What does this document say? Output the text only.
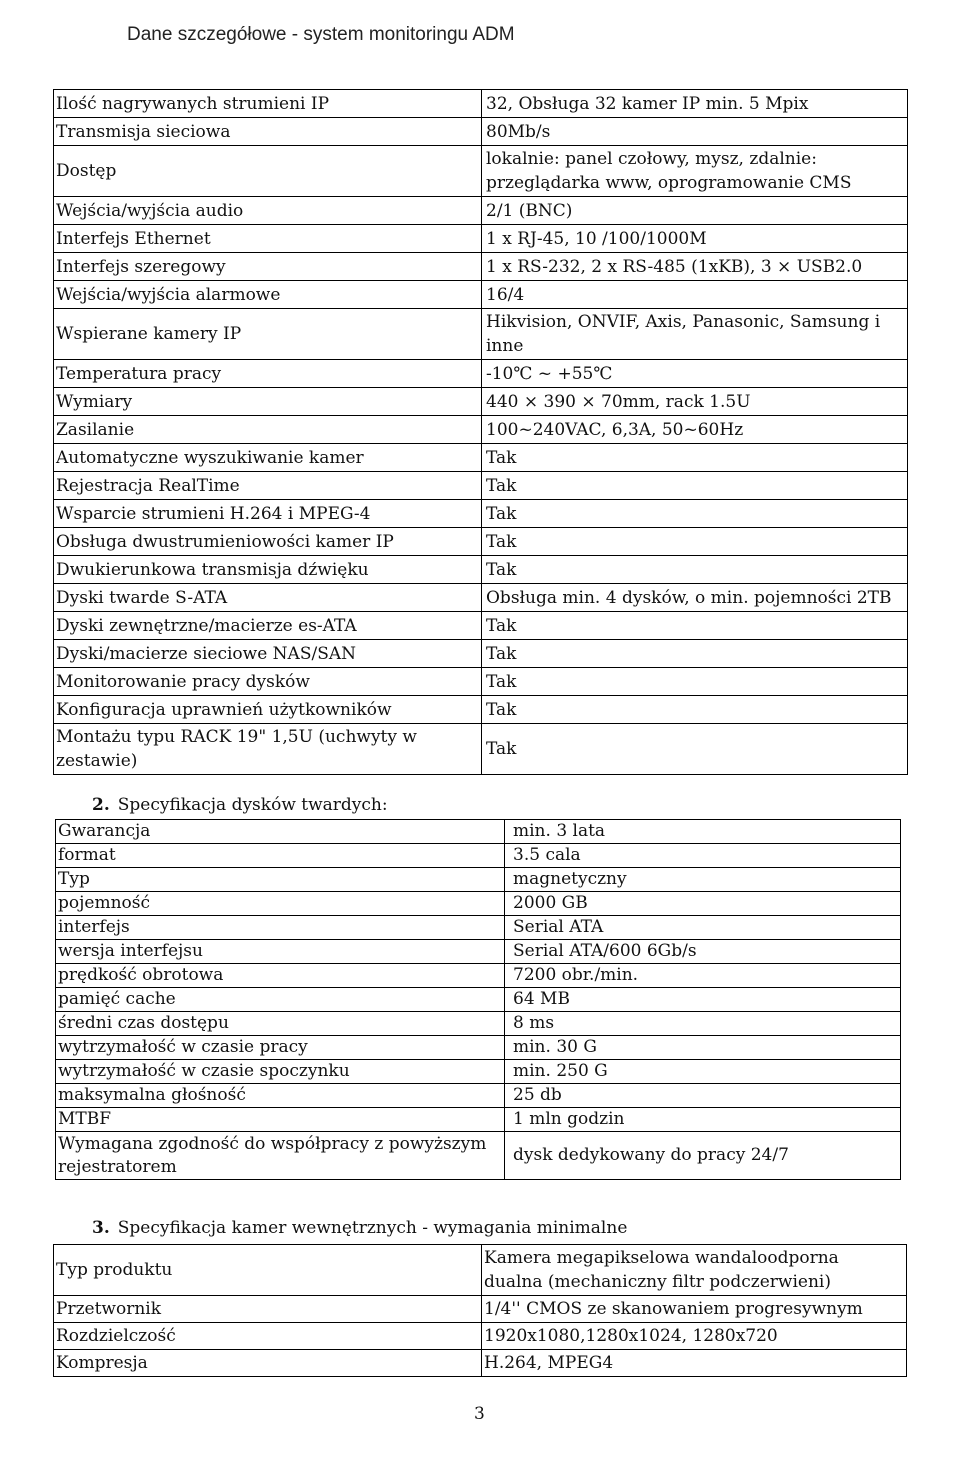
Dane szczegółowe - system monitoringu ADM
Ilość nagrywanych strumieni IP	32, Obsługa 32 kamer IP min. 5 Mpix
Transmisja sieciowa	80Mb/s
Dostęp	lokalnie: panel czołowy, mysz, zdalnie: przeglądarka www, oprogramowanie CMS
Wejścia/wyjścia audio	2/1 (BNC)
Interfejs Ethernet	1 x RJ-45, 10 /100/1000M
Interfejs szeregowy	1 x RS-232, 2 x RS-485 (1xKB), 3 × USB2.0
Wejścia/wyjścia alarmowe	16/4
Wspierane kamery IP	Hikvision, ONVIF, Axis, Panasonic, Samsung i inne
Temperatura pracy	-10℃ ~ +55℃
Wymiary	440 × 390 × 70mm, rack 1.5U
Zasilanie	100~240VAC, 6,3A, 50~60Hz
Automatyczne wyszukiwanie kamer	Tak
Rejestracja RealTime	Tak
Wsparcie strumieni H.264 i MPEG-4	Tak
Obsługa dwustrumieniowości kamer IP	Tak
Dwukierunkowa transmisja dźwięku	Tak
Dyski twarde S-ATA	Obsługa min. 4 dysków, o min. pojemności 2TB
Dyski zewnętrzne/macierze es-ATA	Tak
Dyski/macierze sieciowe NAS/SAN	Tak
Monitorowanie pracy dysków	Tak
Konfiguracja uprawnień użytkowników	Tak
Montażu typu RACK 19" 1,5U (uchwyty w zestawie)	Tak
2. Specyfikacja dysków twardych:
Gwarancja	min. 3 lata
format	3.5 cala
Typ	magnetyczny
pojemność	2000 GB
interfejs	Serial ATA
wersja interfejsu	Serial ATA/600 6Gb/s
prędkość obrotowa	7200 obr./min.
pamięć cache	64 MB
średni czas dostępu	8 ms
wytrzymałość w czasie pracy	min. 30 G
wytrzymałość w czasie spoczynku	min. 250 G
maksymalna głośność	25 db
MTBF	1 mln godzin
Wymagana zgodność do współpracy z powyższym rejestratorem	dysk dedykowany do pracy 24/7
3. Specyfikacja kamer wewnętrznych - wymagania minimalne
Typ produktu	Kamera megapikselowa wandaloodporna dualna (mechaniczny filtr podczerwieni)
Przetwornik	1/4'' CMOS ze skanowaniem progresywnym
Rozdzielczość	1920x1080,1280x1024, 1280x720
Kompresja	H.264, MPEG4
3
